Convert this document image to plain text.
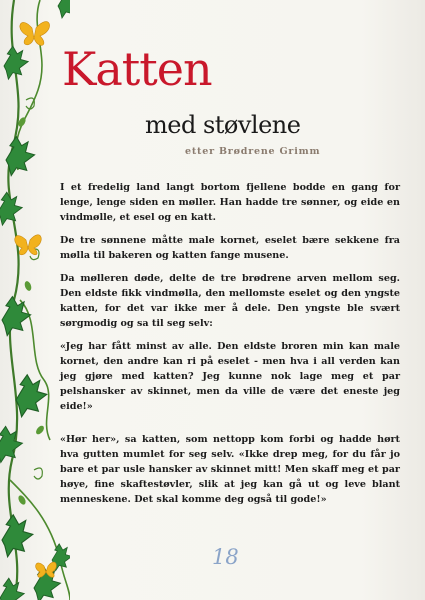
Katten
med støvlene
etter Brødrene Grimm

I et fredelig land langt bortom fjellene bodde en gang for lenge, lenge siden en møller. Han hadde tre sønner, og eide en vindmølle, et esel og en katt.

De tre sønnene måtte male kornet, eselet bære sekkene fra mølla til bakeren og katten fange musene.

Da mølleren døde, delte de tre brødrene arven mellom seg. Den eldste fikk vindmølla, den mellomste eselet og den yngste katten, for det var ikke mer å dele. Den yngste ble svært sørgmodig og sa til seg selv:

«Jeg har fått minst av alle. Den eldste broren min kan male kornet, den andre kan ri på eselet - men hva i all verden kan jeg gjøre med katten? Jeg kunne nok lage meg et par pelshansker av skinnet, men da ville de være det eneste jeg eide!»

«Hør her», sa katten, som nettopp kom forbi og hadde hørt hva gutten mumlet for seg selv. «Ikke drep meg, for du får jo bare et par usle hansker av skinnet mitt! Men skaff meg et par høye, fine skaftestøvler, slik at jeg kan gå ut og leve blant menneskene. Det skal komme deg også til gode!»

18
